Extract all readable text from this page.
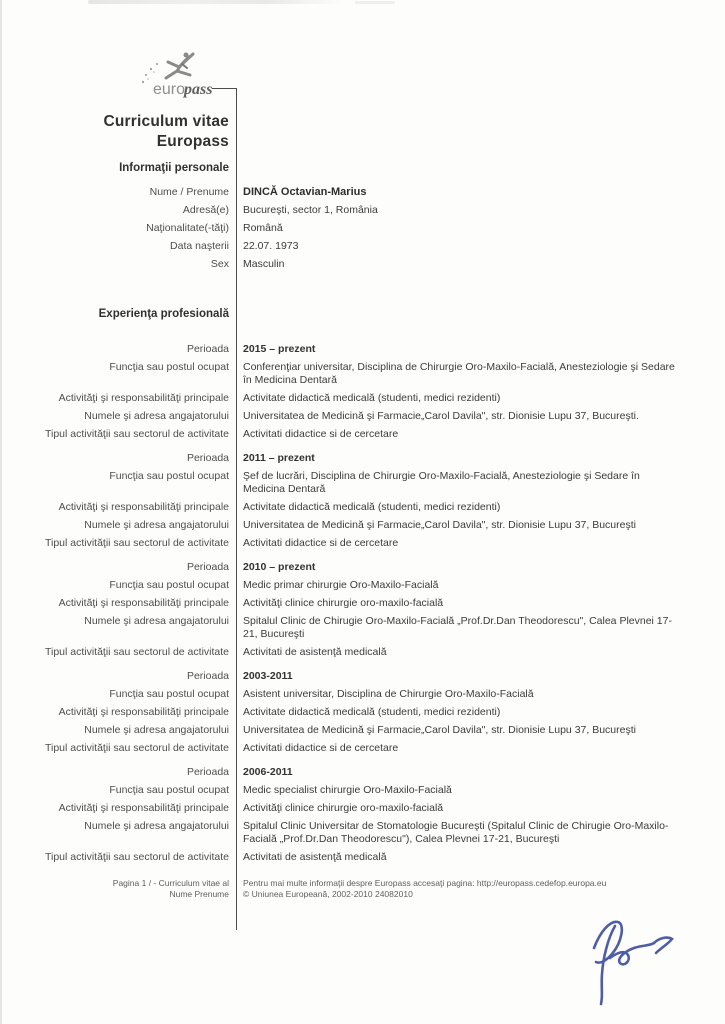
euro
pass
Curriculum vitae
Europass
Informaţii personale
Nume / Prenume	DINCĂ Octavian-Marius
Adresă(e)	Bucureşti, sector 1, România
Naţionalitate(-tăţi)	Română
Data naşterii	22.07. 1973
Sex	Masculin
Experienţa profesională
Perioada	2015 – prezent
Funcţia sau postul ocupat	Conferenţiar universitar, Disciplina de Chirurgie Oro-Maxilo-Facială, Anesteziologie şi Sedare în Medicina Dentară
Activităţi şi responsabilităţi principale	Activitate didactică medicală (studenti, medici rezidenti)
Numele şi adresa angajatorului	Universitatea de Medicină şi Farmacie„Carol Davila", str. Dionisie Lupu 37, Bucureşti.
Tipul activităţii sau sectorul de activitate	Activitati didactice si de cercetare
Perioada	2011 – prezent
Funcţia sau postul ocupat	Şef de lucrări, Disciplina de Chirurgie Oro-Maxilo-Facială, Anesteziologie şi Sedare în Medicina Dentară
Activităţi şi responsabilităţi principale	Activitate didactică medicală (studenti, medici rezidenti)
Numele şi adresa angajatorului	Universitatea de Medicină şi Farmacie„Carol Davila", str. Dionisie Lupu 37, Bucureşti
Tipul activităţii sau sectorul de activitate	Activitati didactice si de cercetare
Perioada	2010 – prezent
Funcţia sau postul ocupat	Medic primar chirurgie Oro-Maxilo-Facială
Activităţi şi responsabilităţi principale	Activităţi clinice chirurgie oro-maxilo-facială
Numele şi adresa angajatorului	Spitalul Clinic de Chirugie Oro-Maxilo-Facială „Prof.Dr.Dan Theodorescu", Calea Plevnei 17-21, Bucureşti
Tipul activităţii sau sectorul de activitate	Activitati de asistenţă medicală
Perioada	2003-2011
Funcţia sau postul ocupat	Asistent universitar, Disciplina de Chirurgie Oro-Maxilo-Facială
Activităţi şi responsabilităţi principale	Activitate didactică medicală (studenti, medici rezidenti)
Numele şi adresa angajatorului	Universitatea de Medicină şi Farmacie„Carol Davila", str. Dionisie Lupu 37, Bucureşti
Tipul activităţii sau sectorul de activitate	Activitati didactice si de cercetare
Perioada	2006-2011
Funcţia sau postul ocupat	Medic specialist chirurgie Oro-Maxilo-Facială
Activităţi şi responsabilităţi principale	Activităţi clinice chirurgie oro-maxilo-facială
Numele şi adresa angajatorului	Spitalul Clinic Universitar de Stomatologie Bucureşti (Spitalul Clinic de Chirugie Oro-Maxilo-Facială „Prof.Dr.Dan Theodorescu"), Calea Plevnei 17-21, Bucureşti
Tipul activităţii sau sectorul de activitate	Activitati de asistenţă medicală
Pagina 1 / - Curriculum vitae al
Nume Prenume
Pentru mai multe informaţii despre Europass accesaţi pagina: http://europass.cedefop.europa.eu
© Uniunea Europeană, 2002-2010 24082010
